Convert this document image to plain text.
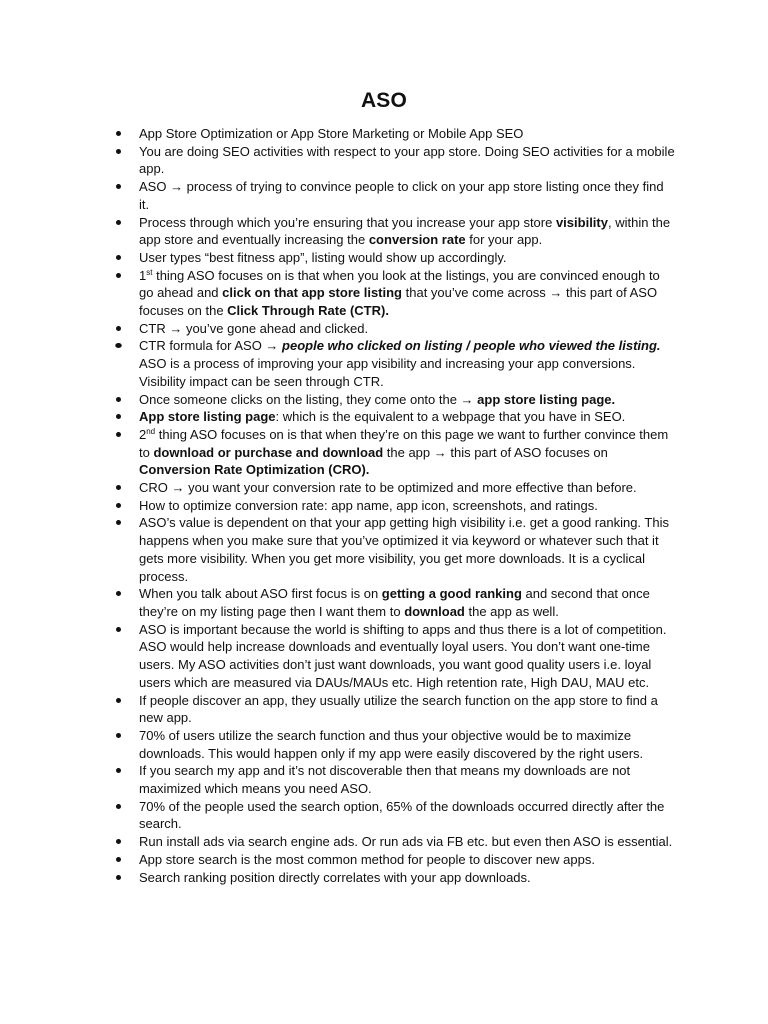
ASO
App Store Optimization or App Store Marketing or Mobile App SEO
You are doing SEO activities with respect to your app store. Doing SEO activities for a mobile app.
ASO → process of trying to convince people to click on your app store listing once they find it.
Process through which you’re ensuring that you increase your app store visibility, within the app store and eventually increasing the conversion rate for your app.
User types “best fitness app”, listing would show up accordingly.
1st thing ASO focuses on is that when you look at the listings, you are convinced enough to go ahead and click on that app store listing that you’ve come across → this part of ASO focuses on the Click Through Rate (CTR).
CTR → you’ve gone ahead and clicked.
CTR formula for ASO → people who clicked on listing / people who viewed the listing. ASO is a process of improving your app visibility and increasing your app conversions. Visibility impact can be seen through CTR.
Once someone clicks on the listing, they come onto the → app store listing page.
App store listing page: which is the equivalent to a webpage that you have in SEO.
2nd thing ASO focuses on is that when they’re on this page we want to further convince them to download or purchase and download the app → this part of ASO focuses on Conversion Rate Optimization (CRO).
CRO → you want your conversion rate to be optimized and more effective than before.
How to optimize conversion rate: app name, app icon, screenshots, and ratings.
ASO’s value is dependent on that your app getting high visibility i.e. get a good ranking. This happens when you make sure that you’ve optimized it via keyword or whatever such that it gets more visibility. When you get more visibility, you get more downloads. It is a cyclical process.
When you talk about ASO first focus is on getting a good ranking and second that once they’re on my listing page then I want them to download the app as well.
ASO is important because the world is shifting to apps and thus there is a lot of competition. ASO would help increase downloads and eventually loyal users. You don’t want one-time users. My ASO activities don’t just want downloads, you want good quality users i.e. loyal users which are measured via DAUs/MAUs etc. High retention rate, High DAU, MAU etc.
If people discover an app, they usually utilize the search function on the app store to find a new app.
70% of users utilize the search function and thus your objective would be to maximize downloads. This would happen only if my app were easily discovered by the right users.
If you search my app and it’s not discoverable then that means my downloads are not maximized which means you need ASO.
70% of the people used the search option, 65% of the downloads occurred directly after the search.
Run install ads via search engine ads. Or run ads via FB etc. but even then ASO is essential.
App store search is the most common method for people to discover new apps.
Search ranking position directly correlates with your app downloads.
